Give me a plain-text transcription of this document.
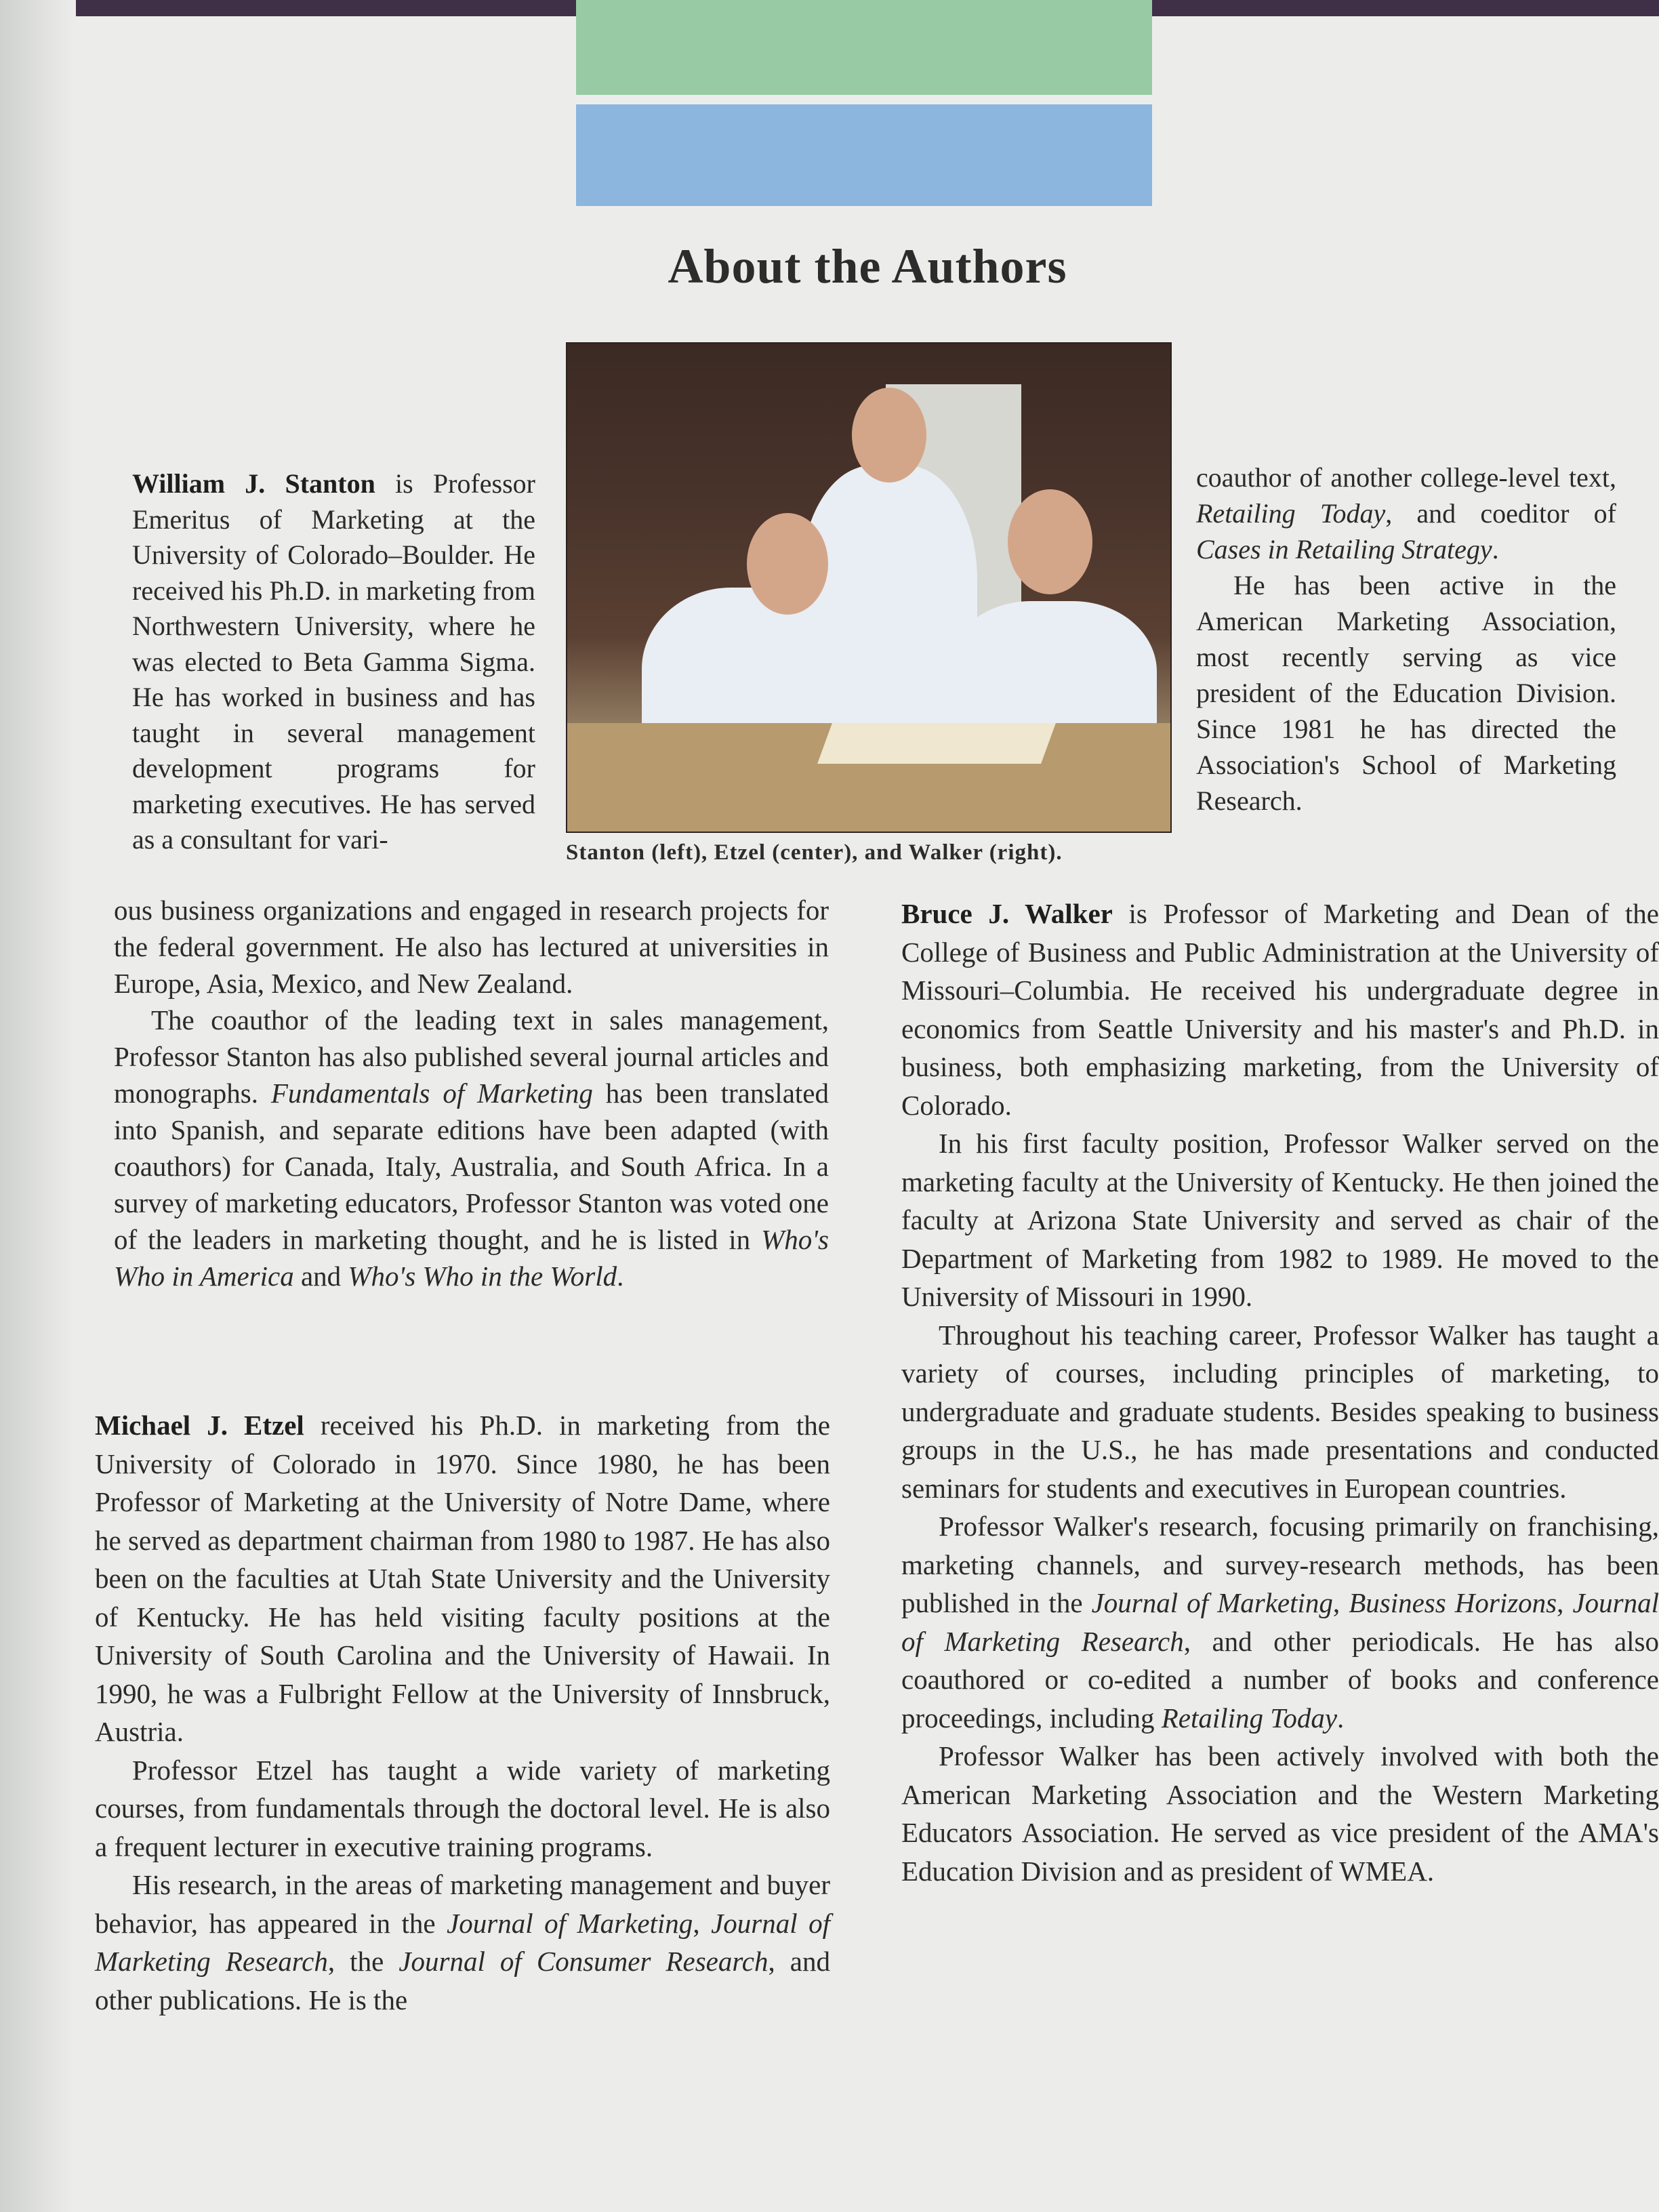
About the Authors
Stanton (left), Etzel (center), and Walker (right).

William J. Stanton is Professor Emeritus of Marketing at the University of Colorado–Boulder. He received his Ph.D. in marketing from Northwestern University, where he was elected to Beta Gamma Sigma. He has worked in business and has taught in several management development programs for marketing executives. He has served as a consultant for vari-

ous business organizations and engaged in research projects for the federal government. He also has lectured at universities in Europe, Asia, Mexico, and New Zealand.

The coauthor of the leading text in sales management, Professor Stanton has also published several journal articles and monographs. Fundamentals of Marketing has been translated into Spanish, and separate editions have been adapted (with coauthors) for Canada, Italy, Australia, and South Africa. In a survey of marketing educators, Professor Stanton was voted one of the leaders in marketing thought, and he is listed in Who's Who in America and Who's Who in the World.

Michael J. Etzel received his Ph.D. in marketing from the University of Colorado in 1970. Since 1980, he has been Professor of Marketing at the University of Notre Dame, where he served as department chairman from 1980 to 1987. He has also been on the faculties at Utah State University and the University of Kentucky. He has held visiting faculty positions at the University of South Carolina and the University of Hawaii. In 1990, he was a Fulbright Fellow at the University of Innsbruck, Austria.

Professor Etzel has taught a wide variety of marketing courses, from fundamentals through the doctoral level. He is also a frequent lecturer in executive training programs.

His research, in the areas of marketing management and buyer behavior, has appeared in the Journal of Marketing, Journal of Marketing Research, the Journal of Consumer Research, and other publications. He is the

coauthor of another college-level text, Retailing Today, and coeditor of Cases in Retailing Strategy.

He has been active in the American Marketing Association, most recently serving as vice president of the Education Division. Since 1981 he has directed the Association's School of Marketing Research.

Bruce J. Walker is Professor of Marketing and Dean of the College of Business and Public Administration at the University of Missouri–Columbia. He received his undergraduate degree in economics from Seattle University and his master's and Ph.D. in business, both emphasizing marketing, from the University of Colorado.

In his first faculty position, Professor Walker served on the marketing faculty at the University of Kentucky. He then joined the faculty at Arizona State University and served as chair of the Department of Marketing from 1982 to 1989. He moved to the University of Missouri in 1990.

Throughout his teaching career, Professor Walker has taught a variety of courses, including principles of marketing, to undergraduate and graduate students. Besides speaking to business groups in the U.S., he has made presentations and conducted seminars for students and executives in European countries.

Professor Walker's research, focusing primarily on franchising, marketing channels, and survey-research methods, has been published in the Journal of Marketing, Business Horizons, Journal of Marketing Research, and other periodicals. He has also coauthored or co-edited a number of books and conference proceedings, including Retailing Today.

Professor Walker has been actively involved with both the American Marketing Association and the Western Marketing Educators Association. He served as vice president of the AMA's Education Division and as president of WMEA.
